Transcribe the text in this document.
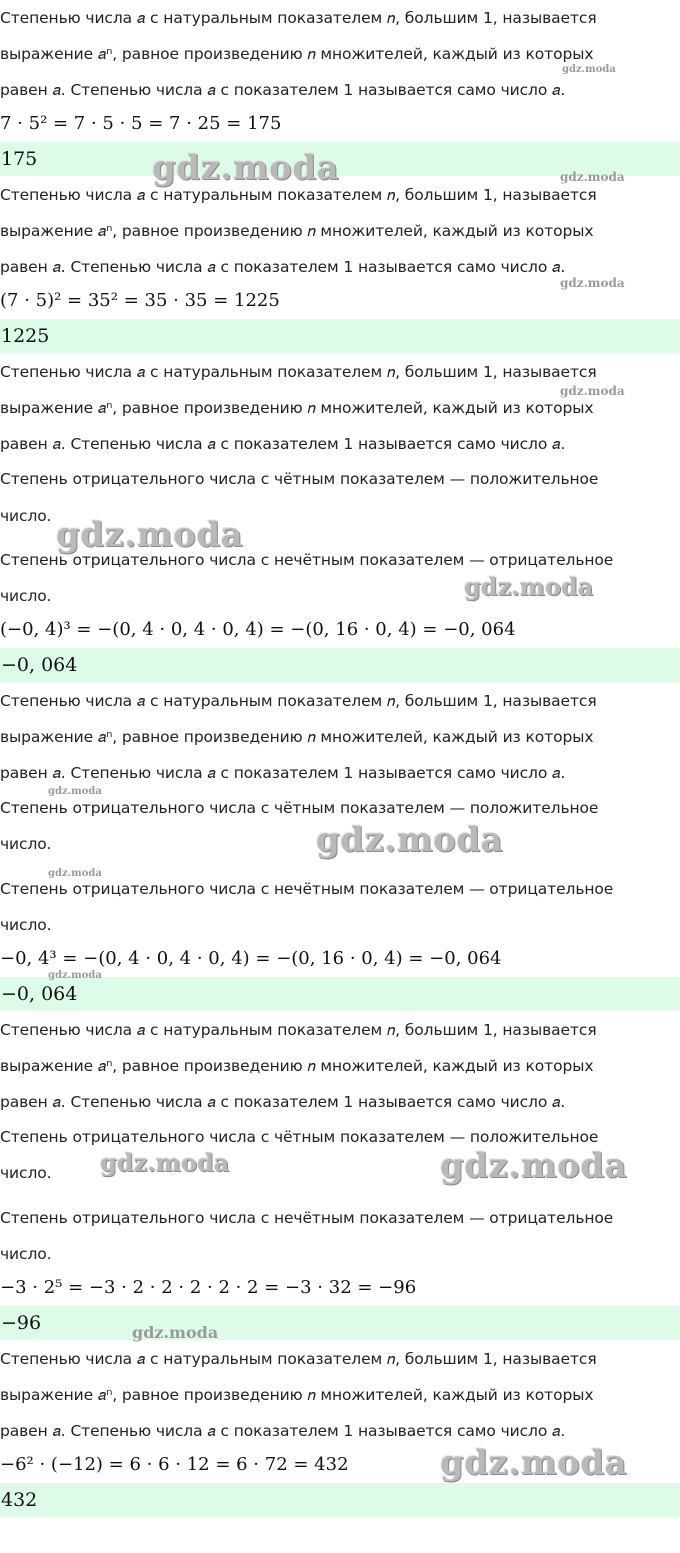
Степенью числа 𝑎 с натуральным показателем 𝑛, большим 1, называется
выражение 𝑎ⁿ, равное произведению 𝑛 множителей, каждый из которых
равен 𝑎. Степенью числа 𝑎 с показателем 1 называется само число 𝑎.
7 · 5² = 7 · 5 · 5 = 7 · 25 = 175
175
Степенью числа 𝑎 с натуральным показателем 𝑛, большим 1, называется
выражение 𝑎ⁿ, равное произведению 𝑛 множителей, каждый из которых
равен 𝑎. Степенью числа 𝑎 с показателем 1 называется само число 𝑎.
(7 · 5)² = 35² = 35 · 35 = 1225
1225
Степенью числа 𝑎 с натуральным показателем 𝑛, большим 1, называется
выражение 𝑎ⁿ, равное произведению 𝑛 множителей, каждый из которых
равен 𝑎. Степенью числа 𝑎 с показателем 1 называется само число 𝑎.
Степень отрицательного числа с чётным показателем — положительное
число.
Степень отрицательного числа с нечётным показателем — отрицательное
число.
(−0, 4)³ = −(0, 4 · 0, 4 · 0, 4) = −(0, 16 · 0, 4) = −0, 064
−0, 064
Степенью числа 𝑎 с натуральным показателем 𝑛, большим 1, называется
выражение 𝑎ⁿ, равное произведению 𝑛 множителей, каждый из которых
равен 𝑎. Степенью числа 𝑎 с показателем 1 называется само число 𝑎.
Степень отрицательного числа с чётным показателем — положительное
число.
Степень отрицательного числа с нечётным показателем — отрицательное
число.
−0, 4³ = −(0, 4 · 0, 4 · 0, 4) = −(0, 16 · 0, 4) = −0, 064
−0, 064
Степенью числа 𝑎 с натуральным показателем 𝑛, большим 1, называется
выражение 𝑎ⁿ, равное произведению 𝑛 множителей, каждый из которых
равен 𝑎. Степенью числа 𝑎 с показателем 1 называется само число 𝑎.
Степень отрицательного числа с чётным показателем — положительное
число.
Степень отрицательного числа с нечётным показателем — отрицательное
число.
−3 · 2⁵ = −3 · 2 · 2 · 2 · 2 · 2 = −3 · 32 = −96
−96
Степенью числа 𝑎 с натуральным показателем 𝑛, большим 1, называется
выражение 𝑎ⁿ, равное произведению 𝑛 множителей, каждый из которых
равен 𝑎. Степенью числа 𝑎 с показателем 1 называется само число 𝑎.
−6² · (−12) = 6 · 6 · 12 = 6 · 72 = 432
432
gdz.moda	gdz.moda
gdz.moda
gdz.moda
gdz.moda
gdz.moda
gdz.moda
gdz.moda
gdz.moda
gdz.moda
gdz.moda
gdz.moda	gdz.moda
gdz.moda
gdz.moda
